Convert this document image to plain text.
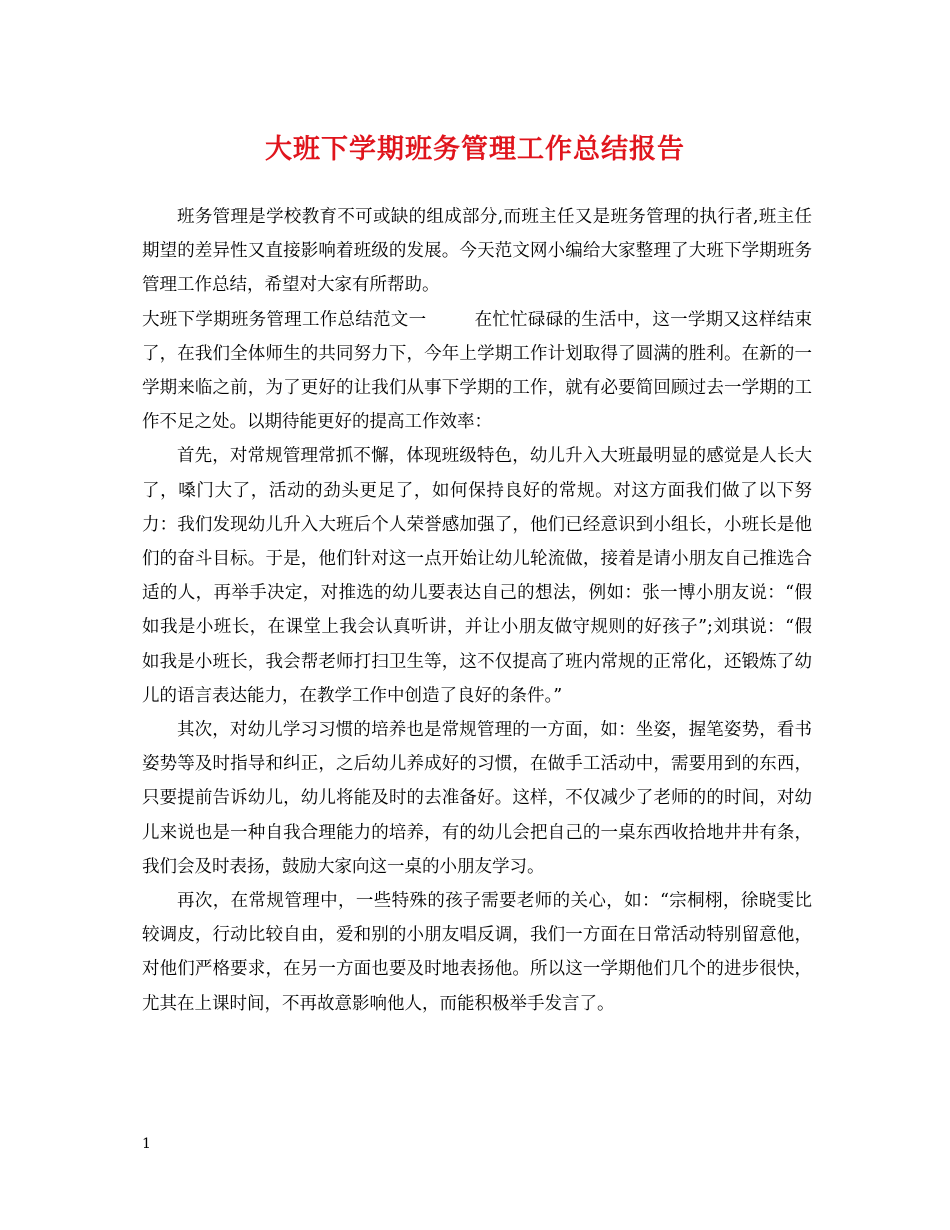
大班下学期班务管理工作总结报告

班务管理是学校教育不可或缺的组成部分,而班主任又是班务管理的执行者,班主任期望的差异性又直接影响着班级的发展。今天范文网小编给大家整理了大班下学期班务管理工作总结，希望对大家有所帮助。

大班下学期班务管理工作总结范文一	在忙忙碌碌的生活中，这一学期又这样结束了，在我们全体师生的共同努力下，今年上学期工作计划取得了圆满的胜利。在新的一学期来临之前，为了更好的让我们从事下学期的工作，就有必要简回顾过去一学期的工作不足之处。以期待能更好的提高工作效率：

首先，对常规管理常抓不懈，体现班级特色，幼儿升入大班最明显的感觉是人长大了，嗓门大了，活动的劲头更足了，如何保持良好的常规。对这方面我们做了以下努力：我们发现幼儿升入大班后个人荣誉感加强了，他们已经意识到小组长，小班长是他们的奋斗目标。于是，他们针对这一点开始让幼儿轮流做，接着是请小朋友自己推选合适的人，再举手决定，对推选的幼儿要表达自己的想法，例如：张一博小朋友说：“假如我是小班长，在课堂上我会认真听讲，并让小朋友做守规则的好孩子”;刘琪说：“假如我是小班长，我会帮老师打扫卫生等，这不仅提高了班内常规的正常化，还锻炼了幼儿的语言表达能力，在教学工作中创造了良好的条件。”

其次，对幼儿学习习惯的培养也是常规管理的一方面，如：坐姿，握笔姿势，看书姿势等及时指导和纠正，之后幼儿养成好的习惯，在做手工活动中，需要用到的东西，只要提前告诉幼儿，幼儿将能及时的去准备好。这样，不仅减少了老师的的时间，对幼儿来说也是一种自我合理能力的培养，有的幼儿会把自己的一桌东西收拾地井井有条，我们会及时表扬，鼓励大家向这一桌的小朋友学习。

再次，在常规管理中，一些特殊的孩子需要老师的关心，如：“宗桐栩，徐晓雯比较调皮，行动比较自由，爱和别的小朋友唱反调，我们一方面在日常活动特别留意他，对他们严格要求，在另一方面也要及时地表扬他。所以这一学期他们几个的进步很快，尤其在上课时间，不再故意影响他人，而能积极举手发言了。

1
